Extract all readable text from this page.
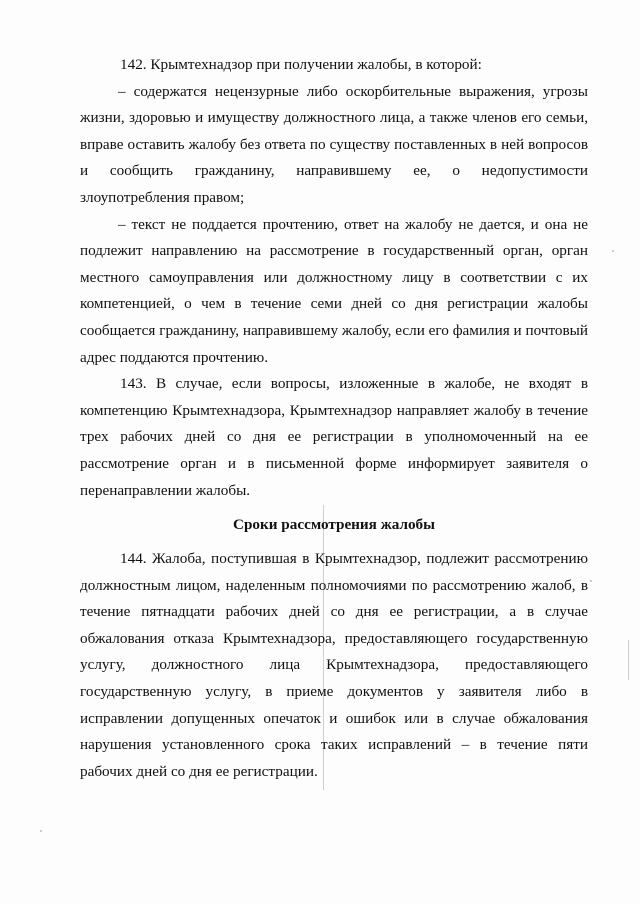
142. Крымтехнадзор при получении жалобы, в которой:

– содержатся нецензурные либо оскорбительные выражения, угрозы жизни, здоровью и имуществу должностного лица, а также членов его семьи, вправе оставить жалобу без ответа по существу поставленных в ней вопросов и сообщить гражданину, направившему ее, о недопустимости злоупотребления правом;

– текст не поддается прочтению, ответ на жалобу не дается, и она не подлежит направлению на рассмотрение в государственный орган, орган местного самоуправления или должностному лицу в соответствии с их компетенцией, о чем в течение семи дней со дня регистрации жалобы сообщается гражданину, направившему жалобу, если его фамилия и почтовый адрес поддаются прочтению.

143. В случае, если вопросы, изложенные в жалобе, не входят в компетенцию Крымтехнадзора, Крымтехнадзор направляет жалобу в течение трех рабочих дней со дня ее регистрации в уполномоченный на ее рассмотрение орган и в письменной форме информирует заявителя о перенаправлении жалобы.

Сроки рассмотрения жалобы

144. Жалоба, поступившая в Крымтехнадзор, подлежит рассмотрению должностным лицом, наделенным полномочиями по рассмотрению жалоб, в течение пятнадцати рабочих дней со дня ее регистрации, а в случае обжалования отказа Крымтехнадзора, предоставляющего государственную услугу, должностного лица Крымтехнадзора, предоставляющего государственную услугу, в приеме документов у заявителя либо в исправлении допущенных опечаток и ошибок или в случае обжалования нарушения установленного срока таких исправлений – в течение пяти рабочих дней со дня ее регистрации.
